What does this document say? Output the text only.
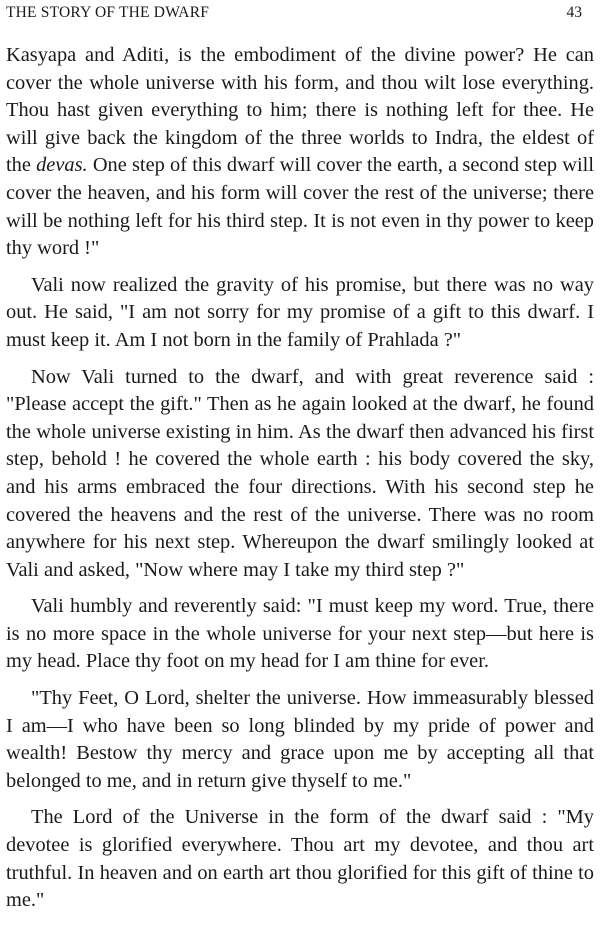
THE STORY OF THE DWARF	43

Kasyapa and Aditi, is the embodiment of the divine power? He can cover the whole universe with his form, and thou wilt lose everything. Thou hast given everything to him; there is nothing left for thee. He will give back the kingdom of the three worlds to Indra, the eldest of the devas. One step of this dwarf will cover the earth, a second step will cover the heaven, and his form will cover the rest of the universe; there will be nothing left for his third step. It is not even in thy power to keep thy word !"

Vali now realized the gravity of his promise, but there was no way out. He said, "I am not sorry for my promise of a gift to this dwarf. I must keep it. Am I not born in the family of Prahlada ?"

Now Vali turned to the dwarf, and with great reverence said : "Please accept the gift." Then as he again looked at the dwarf, he found the whole universe existing in him. As the dwarf then advanced his first step, behold ! he covered the whole earth : his body covered the sky, and his arms embraced the four directions. With his second step he covered the heavens and the rest of the universe. There was no room anywhere for his next step. Whereupon the dwarf smilingly looked at Vali and asked, "Now where may I take my third step ?"

Vali humbly and reverently said: "I must keep my word. True, there is no more space in the whole universe for your next step—but here is my head. Place thy foot on my head for I am thine for ever.

"Thy Feet, O Lord, shelter the universe. How immeasurably blessed I am—I who have been so long blinded by my pride of power and wealth! Bestow thy mercy and grace upon me by accepting all that belonged to me, and in return give thyself to me."

The Lord of the Universe in the form of the dwarf said : "My devotee is glorified everywhere. Thou art my devotee, and thou art truthful. In heaven and on earth art thou glorified for this gift of thine to me."
